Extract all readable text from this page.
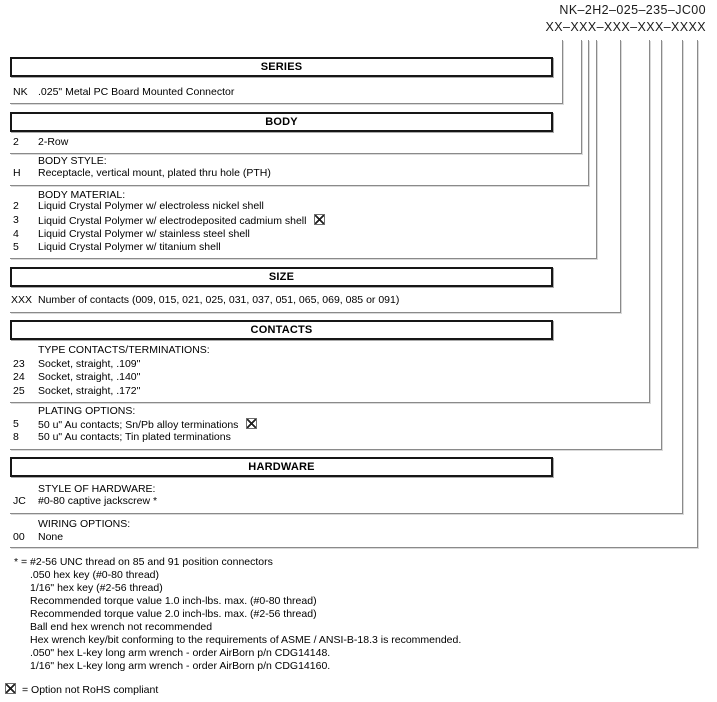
NK–2H2–025–235–JC00
XX–XXX–XXX–XXX–XXXX
SERIES
NK .025" Metal PC Board Mounted Connector
BODY
2 2-Row
BODY STYLE:
H Receptacle, vertical mount, plated thru hole (PTH)
BODY MATERIAL:
2 Liquid Crystal Polymer w/ electroless nickel shell
3 Liquid Crystal Polymer w/ electrodeposited cadmium shell
4 Liquid Crystal Polymer w/ stainless steel shell
5 Liquid Crystal Polymer w/ titanium shell
SIZE
XXX Number of contacts (009, 015, 021, 025, 031, 037, 051, 065, 069, 085 or 091)
CONTACTS
TYPE CONTACTS/TERMINATIONS:
23 Socket, straight, .109"
24 Socket, straight, .140"
25 Socket, straight, .172"
PLATING OPTIONS:
5 50 u" Au contacts; Sn/Pb alloy terminations
8 50 u" Au contacts; Tin plated terminations
HARDWARE
STYLE OF HARDWARE:
JC #0-80 captive jackscrew *
WIRING OPTIONS:
00 None
* = #2-56 UNC thread on 85 and 91 position connectors
.050 hex key (#0-80 thread)
1/16" hex key (#2-56 thread)
Recommended torque value 1.0 inch-lbs. max. (#0-80 thread)
Recommended torque value 2.0 inch-lbs. max. (#2-56 thread)
Ball end hex wrench not recommended
Hex wrench key/bit conforming to the requirements of ASME / ANSI-B-18.3 is recommended.
.050" hex L-key long arm wrench - order AirBorn p/n CDG14148.
1/16" hex L-key long arm wrench - order AirBorn p/n CDG14160.
= Option not RoHS compliant
